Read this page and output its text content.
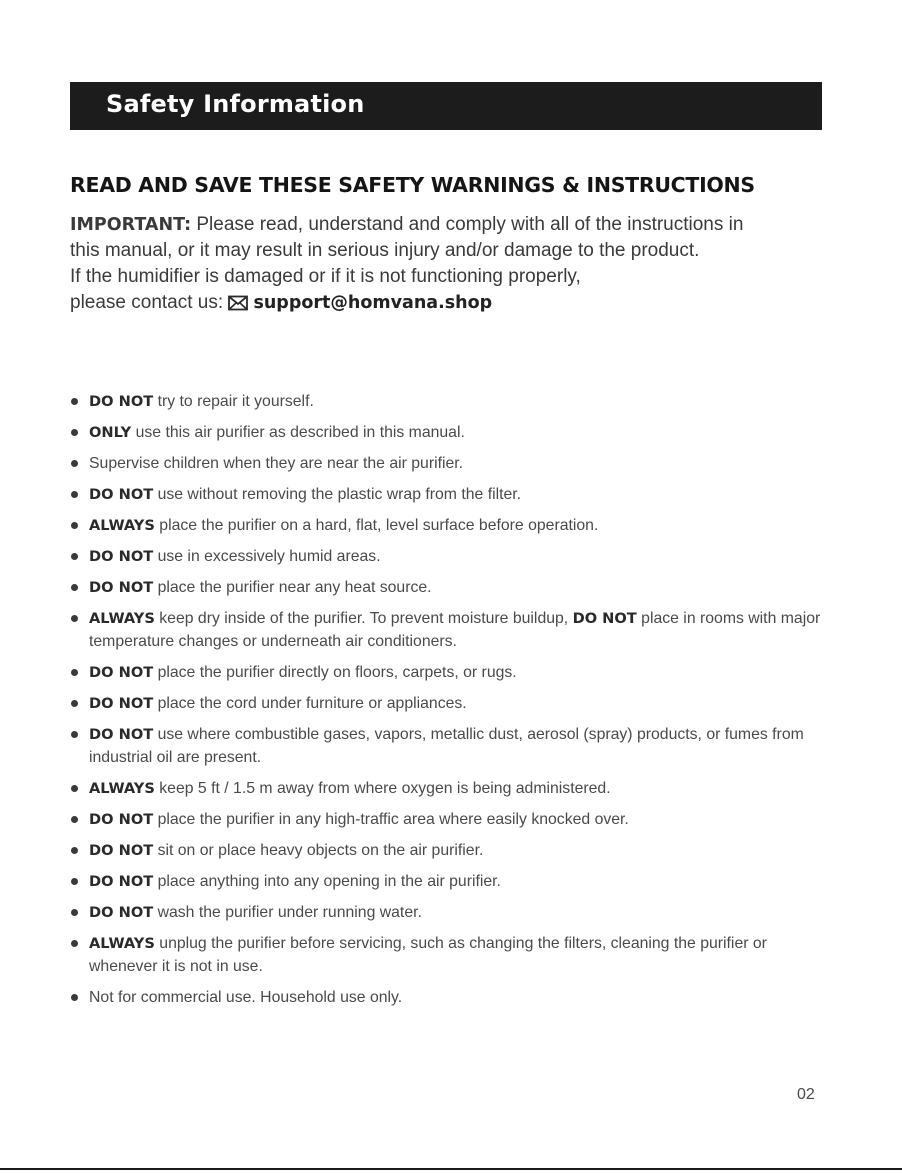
Safety Information
READ AND SAVE THESE SAFETY WARNINGS & INSTRUCTIONS
IMPORTANT: Please read, understand and comply with all of the instructions in
this manual, or it may result in serious injury and/or damage to the product.
If the humidifier is damaged or if it is not functioning properly,
please contact us: support@homvana.shop
DO NOT try to repair it yourself.
ONLY use this air purifier as described in this manual.
Supervise children when they are near the air purifier.
DO NOT use without removing the plastic wrap from the filter.
ALWAYS place the purifier on a hard, flat, level surface before operation.
DO NOT use in excessively humid areas.
DO NOT place the purifier near any heat source.
ALWAYS keep dry inside of the purifier. To prevent moisture buildup, DO NOT place in rooms with major temperature changes or underneath air conditioners.
DO NOT place the purifier directly on floors, carpets, or rugs.
DO NOT place the cord under furniture or appliances.
DO NOT use where combustible gases, vapors, metallic dust, aerosol (spray) products, or fumes from industrial oil are present.
ALWAYS keep 5 ft / 1.5 m away from where oxygen is being administered.
DO NOT place the purifier in any high-traffic area where easily knocked over.
DO NOT sit on or place heavy objects on the air purifier.
DO NOT place anything into any opening in the air purifier.
DO NOT wash the purifier under running water.
ALWAYS unplug the purifier before servicing, such as changing the filters, cleaning the purifier or whenever it is not in use.
Not for commercial use. Household use only.
02
